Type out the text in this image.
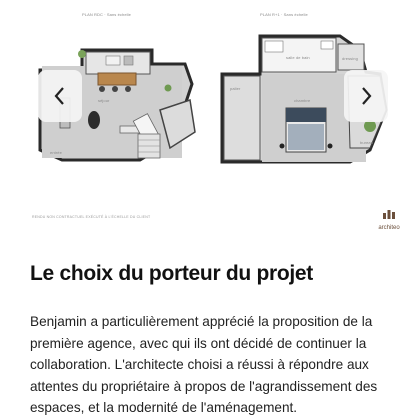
PLAN RDC · Sans échelle
séjour
entrée
PLAN R+1 · Sans échelle
salle de bain	dressing
palier
chambre
bureau
RENDU NON CONTRACTUEL EXÉCUTÉ À L'ÉCHELLE DU CLIENT
architeo
Le choix du porteur du projet

Benjamin a particulièrement apprécié la proposition de la première agence, avec qui ils ont décidé de continuer la collaboration. L'architecte choisi a réussi à répondre aux attentes du propriétaire à propos de l'agrandissement des espaces, et la modernité de l'aménagement.
